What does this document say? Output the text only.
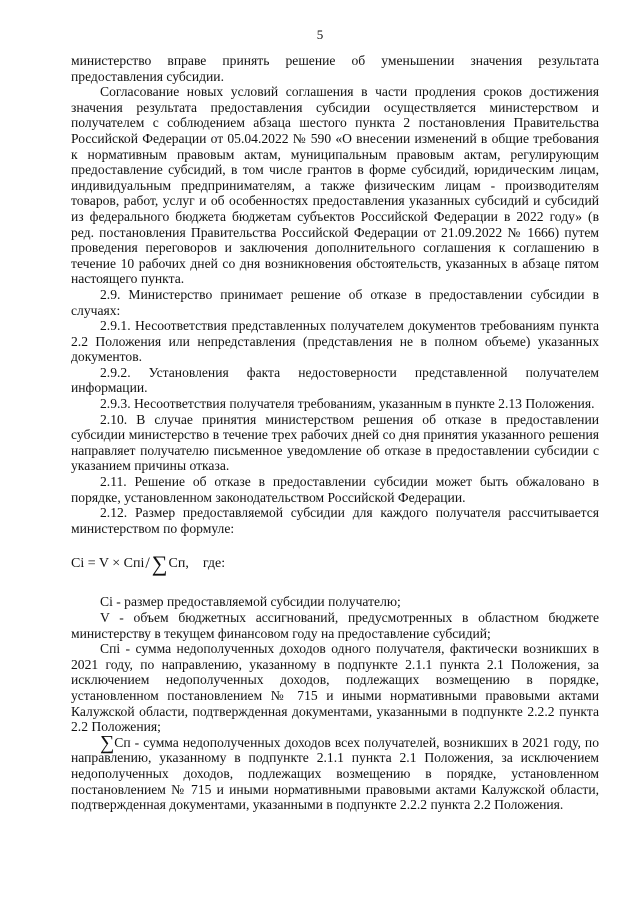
5

министерство вправе принять решение об уменьшении значения результата предоставления субсидии.

Согласование новых условий соглашения в части продления сроков достижения значения результата предоставления субсидии осуществляется министерством и получателем с соблюдением абзаца шестого пункта 2 постановления Правительства Российской Федерации от 05.04.2022 № 590 «О внесении изменений в общие требования к нормативным правовым актам, муниципальным правовым актам, регулирующим предоставление субсидий, в том числе грантов в форме субсидий, юридическим лицам, индивидуальным предпринимателям, а также физическим лицам - производителям товаров, работ, услуг и об особенностях предоставления указанных субсидий и субсидий из федерального бюджета бюджетам субъектов Российской Федерации в 2022 году» (в ред. постановления Правительства Российской Федерации от 21.09.2022 № 1666) путем проведения переговоров и заключения дополнительного соглашения к соглашению в течение 10 рабочих дней со дня возникновения обстоятельств, указанных в абзаце пятом настоящего пункта.

2.9. Министерство принимает решение об отказе в предоставлении субсидии в случаях:

2.9.1. Несоответствия представленных получателем документов требованиям пункта 2.2 Положения или непредставления (представления не в полном объеме) указанных документов.

2.9.2. Установления факта недостоверности представленной получателем информации.

2.9.3. Несоответствия получателя требованиям, указанным в пункте 2.13 Положения.

2.10. В случае принятия министерством решения об отказе в предоставлении субсидии министерство в течение трех рабочих дней со дня принятия указанного решения направляет получателю письменное уведомление об отказе в предоставлении субсидии с указанием причины отказа.

2.11. Решение об отказе в предоставлении субсидии может быть обжаловано в порядке, установленном законодательством Российской Федерации.

2.12. Размер предоставляемой субсидии для каждого получателя рассчитывается министерством по формуле:

Ci = V × Cпi / ∑ Cп, где:

Ci - размер предоставляемой субсидии получателю;

V - объем бюджетных ассигнований, предусмотренных в областном бюджете министерству в текущем финансовом году на предоставление субсидий;

Cпi - сумма недополученных доходов одного получателя, фактически возникших в 2021 году, по направлению, указанному в подпункте 2.1.1 пункта 2.1 Положения, за исключением недополученных доходов, подлежащих возмещению в порядке, установленном постановлением № 715 и иными нормативными правовыми актами Калужской области, подтвержденная документами, указанными в подпункте 2.2.2 пункта 2.2 Положения;

∑Cп - сумма недополученных доходов всех получателей, возникших в 2021 году, по направлению, указанному в подпункте 2.1.1 пункта 2.1 Положения, за исключением недополученных доходов, подлежащих возмещению в порядке, установленном постановлением № 715 и иными нормативными правовыми актами Калужской области, подтвержденная документами, указанными в подпункте 2.2.2 пункта 2.2 Положения.
